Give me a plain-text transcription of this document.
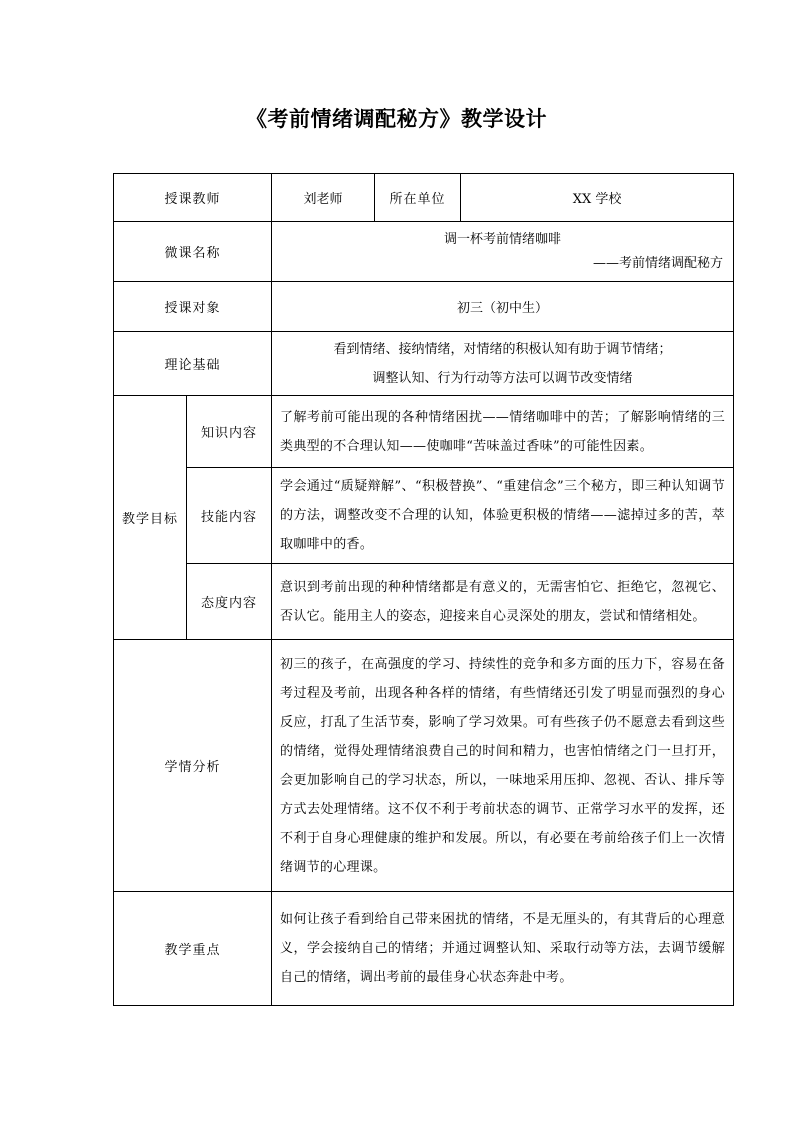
《考前情绪调配秘方》教学设计
授课教师		刘老师	所在单位	XX 学校
微课名称		调一杯考前情绪咖啡
——考前情绪调配秘方		

授课对象		初三（初中生）		
理论基础		看到情绪、接纳情绪，对情绪的积极认知有助于调节情绪；
调整认知、行为行动等方法可以调节改变情绪		

教学目标	知识内容	了解考前可能出现的各种情绪困扰——情绪咖啡中的苦；了解影响情绪的三类典型的不合理认知——使咖啡“苦味盖过香味”的可能性因素。		
	技能内容	学会通过“质疑辩解”、“积极替换”、“重建信念”三个秘方，即三种认知调节的方法，调整改变不合理的认知，体验更积极的情绪——滤掉过多的苦，萃取咖啡中的香。		
	态度内容	意识到考前出现的种种情绪都是有意义的，无需害怕它、拒绝它，忽视它、否认它。能用主人的姿态，迎接来自心灵深处的朋友，尝试和情绪相处。		
学情分析		初三的孩子，在高强度的学习、持续性的竞争和多方面的压力下，容易在备考过程及考前，出现各种各样的情绪，有些情绪还引发了明显而强烈的身心反应，打乱了生活节奏，影响了学习效果。可有些孩子仍不愿意去看到这些的情绪，觉得处理情绪浪费自己的时间和精力，也害怕情绪之门一旦打开，会更加影响自己的学习状态，所以，一味地采用压抑、忽视、否认、排斥等方式去处理情绪。这不仅不利于考前状态的调节、正常学习水平的发挥，还不利于自身心理健康的维护和发展。所以，有必要在考前给孩子们上一次情绪调节的心理课。		
教学重点		如何让孩子看到给自己带来困扰的情绪，不是无厘头的，有其背后的心理意义，学会接纳自己的情绪；并通过调整认知、采取行动等方法，去调节缓解自己的情绪，调出考前的最佳身心状态奔赴中考。		
